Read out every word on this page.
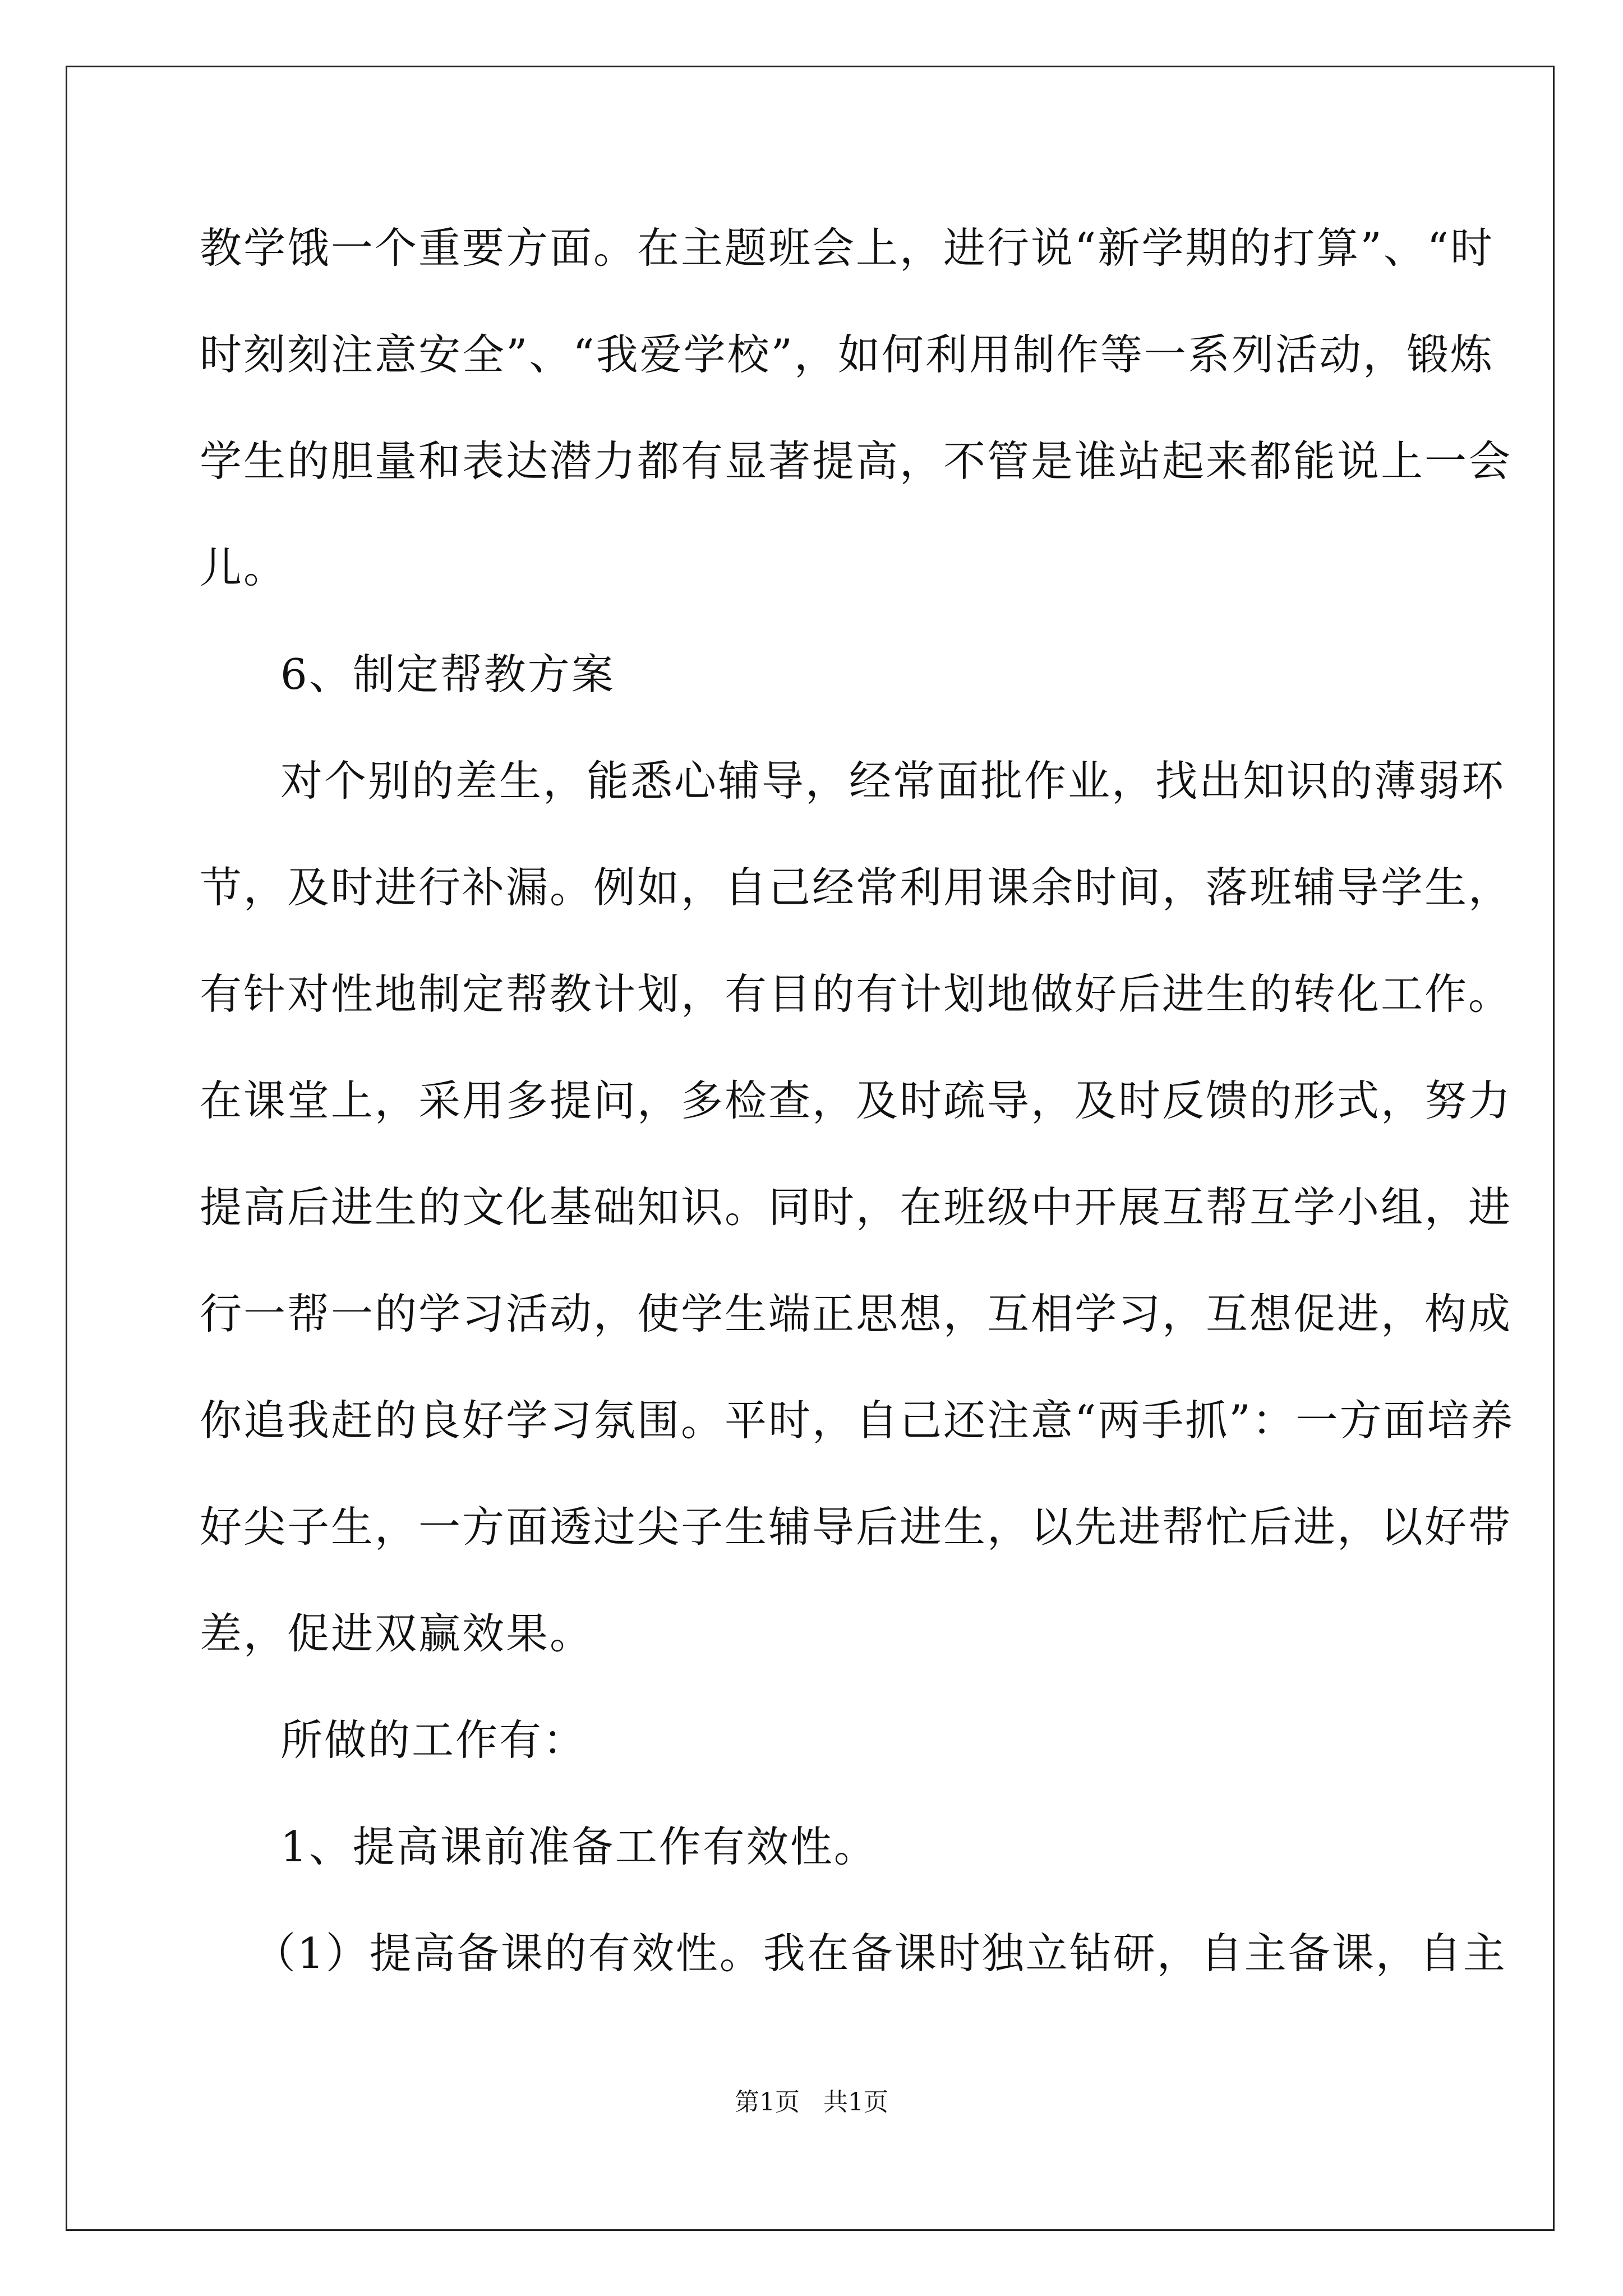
教学饿一个重要方面。在主题班会上，进行说“新学期的打算”、“时
时刻刻注意安全”、“我爱学校”，如何利用制作等一系列活动，锻炼
学生的胆量和表达潜力都有显著提高，不管是谁站起来都能说上一会
儿。
6、制定帮教方案
对个别的差生，能悉心辅导，经常面批作业，找出知识的薄弱环
节，及时进行补漏。例如，自己经常利用课余时间，落班辅导学生，
有针对性地制定帮教计划，有目的有计划地做好后进生的转化工作。
在课堂上，采用多提问，多检查，及时疏导，及时反馈的形式，努力
提高后进生的文化基础知识。同时，在班级中开展互帮互学小组，进
行一帮一的学习活动，使学生端正思想，互相学习，互想促进，构成
你追我赶的良好学习氛围。平时，自己还注意“两手抓”：一方面培养
好尖子生，一方面透过尖子生辅导后进生，以先进帮忙后进，以好带
差，促进双赢效果。
所做的工作有：
1、提高课前准备工作有效性。
（1）提高备课的有效性。我在备课时独立钻研，自主备课，自主
第1页   共1页
